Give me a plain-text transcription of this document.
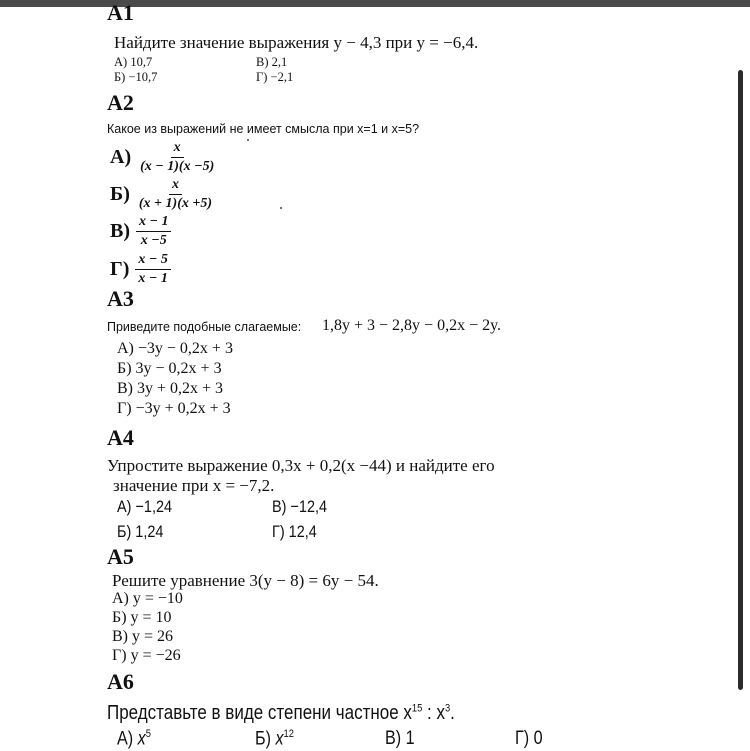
A1
Найдите значение выражения y − 4,3 при y = −6,4.
А) 10,7	В) 2,1
Б) −10,7	Г) −2,1
A2
Какое из выражений не имеет смысла при x=1 и x=5?
$А) \frac{x}{(x - 1)(x -5)}$
$Б) \frac{x}{(x + 1)(x +5)}$
$В) \frac{x - 1}{x -5}$
$Г) \frac{x - 5}{x - 1}$
A3
Приведите подобные слагаемые: 1,8y + 3 − 2,8y − 0,2x − 2y.
А) −3y − 0,2x + 3
Б) 3y − 0,2x + 3
В) 3y + 0,2x + 3
Г) −3y + 0,2x + 3
A4
Упростите выражение 0,3x + 0,2(x −44) и найдите его
значение при x = −7,2.
А) −1,24	В) −12,4
Б) 1,24	Г) 12,4
A5
Решите уравнение 3(y − 8) = 6y − 54.
А) y = −10
Б) y = 10
В) y = 26
Г) y = −26
A6
Представьте в виде степени частное $x^{15}$ : $x^3$.
А) $x^5$	Б) $x^{12}$	В) 1	Г) 0
